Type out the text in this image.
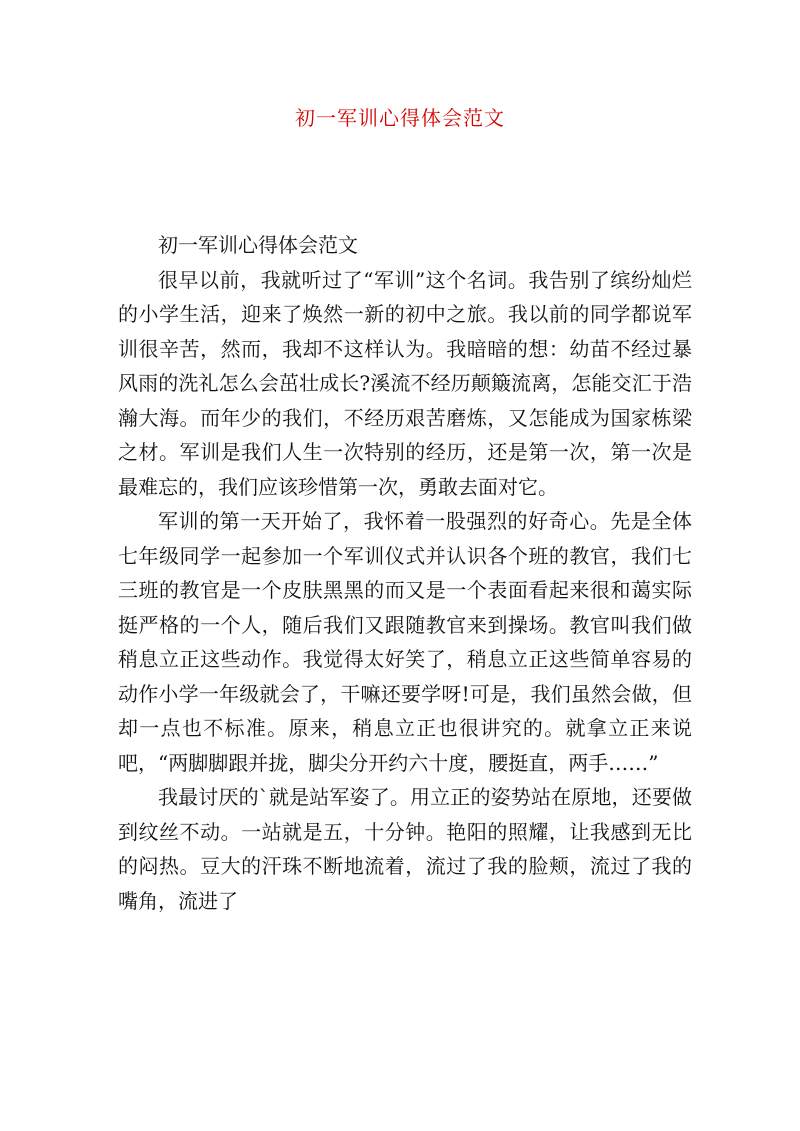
初一军训心得体会范文

初一军训心得体会范文

很早以前，我就听过了“军训”这个名词。我告别了缤纷灿烂的小学生活，迎来了焕然一新的初中之旅。我以前的同学都说军训很辛苦，然而，我却不这样认为。我暗暗的想：幼苗不经过暴风雨的洗礼怎么会茁壮成长?溪流不经历颠簸流离，怎能交汇于浩瀚大海。而年少的我们，不经历艰苦磨炼，又怎能成为国家栋梁之材。军训是我们人生一次特别的经历，还是第一次，第一次是最难忘的，我们应该珍惜第一次，勇敢去面对它。

军训的第一天开始了，我怀着一股强烈的好奇心。先是全体七年级同学一起参加一个军训仪式并认识各个班的教官，我们七三班的教官是一个皮肤黑黑的而又是一个表面看起来很和蔼实际挺严格的一个人，随后我们又跟随教官来到操场。教官叫我们做稍息立正这些动作。我觉得太好笑了，稍息立正这些简单容易的动作小学一年级就会了，干嘛还要学呀!可是，我们虽然会做，但却一点也不标准。原来，稍息立正也很讲究的。就拿立正来说吧，“两脚脚跟并拢，脚尖分开约六十度，腰挺直，两手……”

我最讨厌的`就是站军姿了。用立正的姿势站在原地，还要做到纹丝不动。一站就是五，十分钟。艳阳的照耀，让我感到无比的闷热。豆大的汗珠不断地流着，流过了我的脸颊，流过了我的嘴角，流进了
